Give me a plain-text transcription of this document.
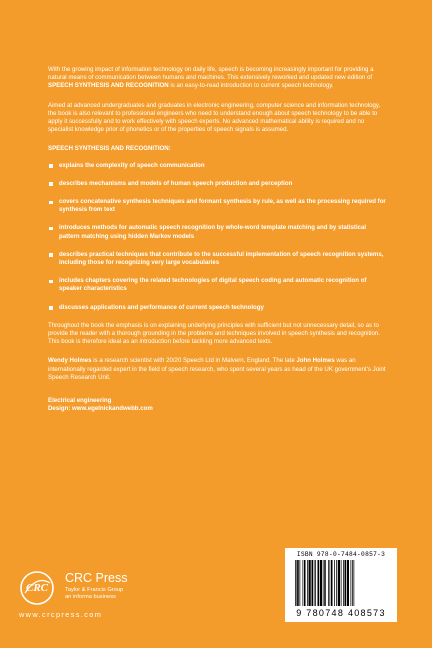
With the growing impact of information technology on daily life, speech is becoming increasingly important for providing a natural means of communication between humans and machines. This extensively reworked and updated new edition of SPEECH SYNTHESIS AND RECOGNITION is an easy-to-read introduction to current speech technology.

Aimed at advanced undergraduates and graduates in electronic engineering, computer science and information technology, the book is also relevant to professional engineers who need to understand enough about speech technology to be able to apply it successfully and to work effectively with speech experts. No advanced mathematical ability is required and no specialist knowledge prior of phonetics or of the properties of speech signals is assumed.

SPEECH SYNTHESIS AND RECOGNITION:
explains the complexity of speech communication
describes mechanisms and models of human speech production and perception
covers concatenative synthesis techniques and formant synthesis by rule, as well as the processing required for synthesis from text
introduces methods for automatic speech recognition by whole-word template matching and by statistical pattern matching using hidden Markov models
describes practical techniques that contribute to the successful implementation of speech recognition systems, including those for recognizing very large vocabularies
includes chapters covering the related technologies of digital speech coding and automatic recognition of speaker characteristics
discusses applications and performance of current speech technology

Throughout the book the emphasis is on explaining underlying principles with sufficient but not unnecessary detail, so as to provide the reader with a thorough grounding in the problems and techniques involved in speech synthesis and recognition. This book is therefore ideal as an introduction before tackling more advanced texts.

Wendy Holmes is a research scientist with 20/20 Speech Ltd in Malvern, England. The late John Holmes was an internationally regarded expert in the field of speech research, who spent several years as head of the UK government's Joint Speech Research Unit.

Electrical engineering

Design: www.egelnickandwebb.com

CRC
CRC Press
Taylor & Francis Group
an informa business
www.crcpress.com
ISBN 978-0-7484-0857-3
9 780748 408573
